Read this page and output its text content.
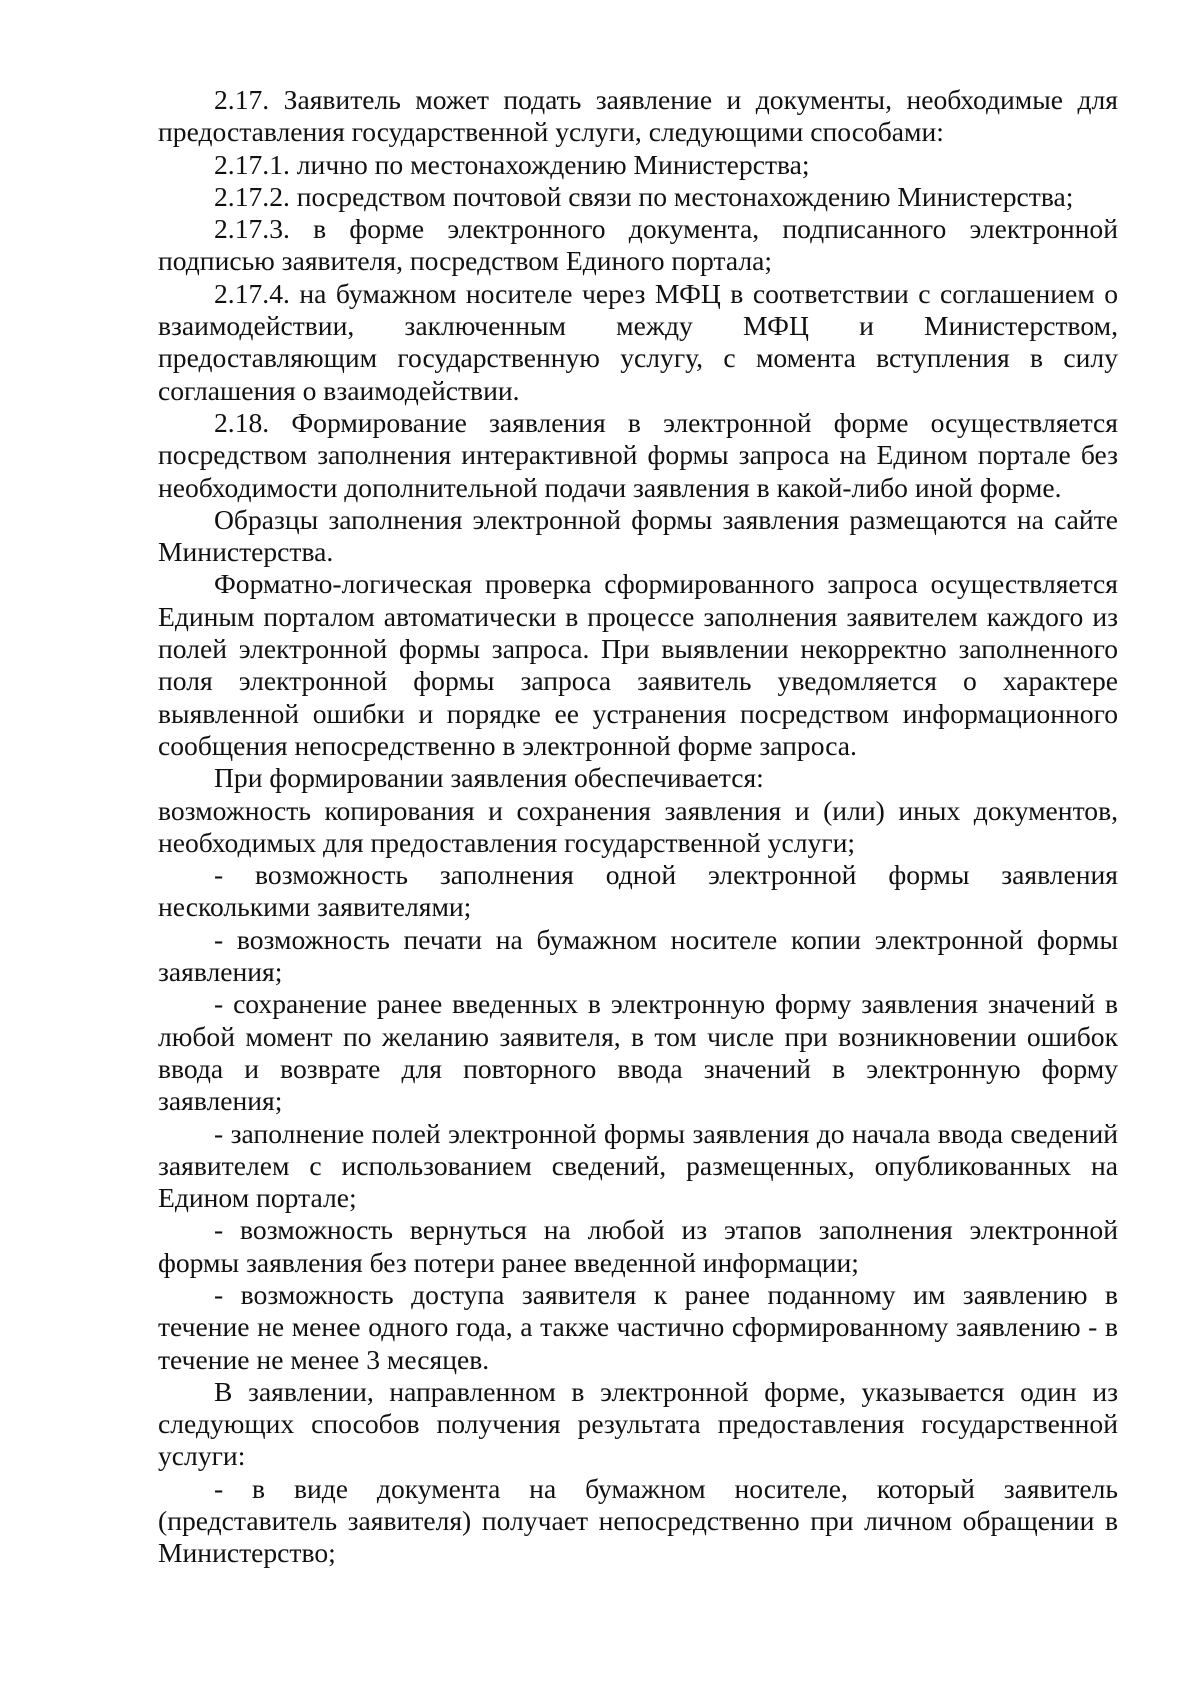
2.17. Заявитель может подать заявление и документы, необходимые для предоставления государственной услуги, следующими способами:

2.17.1. лично по местонахождению Министерства;

2.17.2. посредством почтовой связи по местонахождению Министерства;

2.17.3. в форме электронного документа, подписанного электронной подписью заявителя, посредством Единого портала;

2.17.4. на бумажном носителе через МФЦ в соответствии с соглашением о взаимодействии, заключенным между МФЦ и Министерством, предоставляющим государственную услугу, с момента вступления в силу соглашения о взаимодействии.

2.18. Формирование заявления в электронной форме осуществляется посредством заполнения интерактивной формы запроса на Едином портале без необходимости дополнительной подачи заявления в какой-либо иной форме.

Образцы заполнения электронной формы заявления размещаются на сайте Министерства.

Форматно-логическая проверка сформированного запроса осуществляется Единым порталом автоматически в процессе заполнения заявителем каждого из полей электронной формы запроса. При выявлении некорректно заполненного поля электронной формы запроса заявитель уведомляется о характере выявленной ошибки и порядке ее устранения посредством информационного сообщения непосредственно в электронной форме запроса.

При формировании заявления обеспечивается:

возможность копирования и сохранения заявления и (или) иных документов, необходимых для предоставления государственной услуги;

- возможность заполнения одной электронной формы заявления несколькими заявителями;

- возможность печати на бумажном носителе копии электронной формы заявления;

- сохранение ранее введенных в электронную форму заявления значений в любой момент по желанию заявителя, в том числе при возникновении ошибок ввода и возврате для повторного ввода значений в электронную форму заявления;

- заполнение полей электронной формы заявления до начала ввода сведений заявителем с использованием сведений, размещенных, опубликованных на Едином портале;

- возможность вернуться на любой из этапов заполнения электронной формы заявления без потери ранее введенной информации;

- возможность доступа заявителя к ранее поданному им заявлению в течение не менее одного года, а также частично сформированному заявлению - в течение не менее 3 месяцев.

В заявлении, направленном в электронной форме, указывается один из следующих способов получения результата предоставления государственной услуги:

- в виде документа на бумажном носителе, который заявитель (представитель заявителя) получает непосредственно при личном обращении в Министерство;
